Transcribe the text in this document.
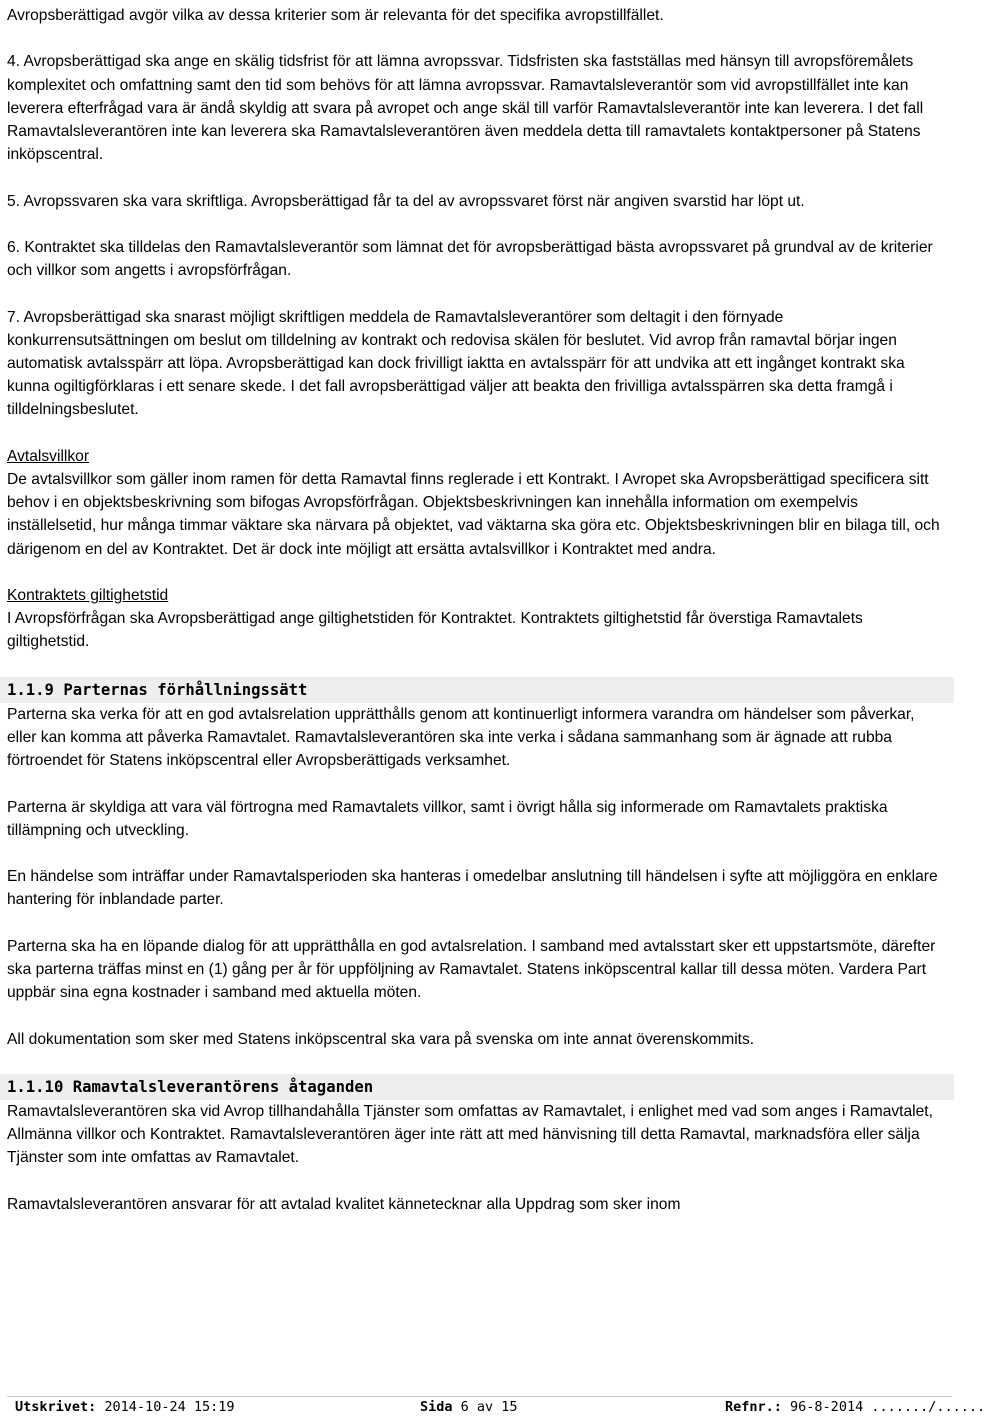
Avropsberättigad avgör vilka av dessa kriterier som är relevanta för det specifika avropstillfället.

4. Avropsberättigad ska ange en skälig tidsfrist för att lämna avropssvar. Tidsfristen ska fastställas med hänsyn till avropsföremålets komplexitet och omfattning samt den tid som behövs för att lämna avropssvar. Ramavtalsleverantör som vid avropstillfället inte kan leverera efterfrågad vara är ändå skyldig att svara på avropet och ange skäl till varför Ramavtalsleverantör inte kan leverera. I det fall Ramavtalsleverantören inte kan leverera ska Ramavtalsleverantören även meddela detta till ramavtalets kontaktpersoner på Statens inköpscentral.

5. Avropssvaren ska vara skriftliga. Avropsberättigad får ta del av avropssvaret först när angiven svarstid har löpt ut.

6. Kontraktet ska tilldelas den Ramavtalsleverantör som lämnat det för avropsberättigad bästa avropssvaret på grundval av de kriterier och villkor som angetts i avropsförfrågan.

7. Avropsberättigad ska snarast möjligt skriftligen meddela de Ramavtalsleverantörer som deltagit i den förnyade konkurrensutsättningen om beslut om tilldelning av kontrakt och redovisa skälen för beslutet. Vid avrop från ramavtal börjar ingen automatisk avtalsspärr att löpa. Avropsberättigad kan dock frivilligt iaktta en avtalsspärr för att undvika att ett ingånget kontrakt ska kunna ogiltigförklaras i ett senare skede. I det fall avropsberättigad väljer att beakta den frivilliga avtalsspärren ska detta framgå i tilldelningsbeslutet.

Avtalsvillkor

De avtalsvillkor som gäller inom ramen för detta Ramavtal finns reglerade i ett Kontrakt. I Avropet ska Avropsberättigad specificera sitt behov i en objektsbeskrivning som bifogas Avropsförfrågan. Objektsbeskrivningen kan innehålla information om exempelvis inställelsetid, hur många timmar väktare ska närvara på objektet, vad väktarna ska göra etc. Objektsbeskrivningen blir en bilaga till, och därigenom en del av Kontraktet. Det är dock inte möjligt att ersätta avtalsvillkor i Kontraktet med andra.

Kontraktets giltighetstid

I Avropsförfrågan ska Avropsberättigad ange giltighetstiden för Kontraktet. Kontraktets giltighetstid får överstiga Ramavtalets giltighetstid.

1.1.9 Parternas förhållningssätt

Parterna ska verka för att en god avtalsrelation upprätthålls genom att kontinuerligt informera varandra om händelser som påverkar, eller kan komma att påverka Ramavtalet. Ramavtalsleverantören ska inte verka i sådana sammanhang som är ägnade att rubba förtroendet för Statens inköpscentral eller Avropsberättigads verksamhet.

Parterna är skyldiga att vara väl förtrogna med Ramavtalets villkor, samt i övrigt hålla sig informerade om Ramavtalets praktiska tillämpning och utveckling.

En händelse som inträffar under Ramavtalsperioden ska hanteras i omedelbar anslutning till händelsen i syfte att möjliggöra en enklare hantering för inblandade parter.

Parterna ska ha en löpande dialog för att upprätthålla en god avtalsrelation. I samband med avtalsstart sker ett uppstartsmöte, därefter ska parterna träffas minst en (1) gång per år för uppföljning av Ramavtalet. Statens inköpscentral kallar till dessa möten. Vardera Part uppbär sina egna kostnader i samband med aktuella möten.

All dokumentation som sker med Statens inköpscentral ska vara på svenska om inte annat överenskommits.

1.1.10 Ramavtalsleverantörens åtaganden

Ramavtalsleverantören ska vid Avrop tillhandahålla Tjänster som omfattas av Ramavtalet, i enlighet med vad som anges i Ramavtalet, Allmänna villkor och Kontraktet. Ramavtalsleverantören äger inte rätt att med hänvisning till detta Ramavtal, marknadsföra eller sälja Tjänster som inte omfattas av Ramavtalet.

Ramavtalsleverantören ansvarar för att avtalad kvalitet kännetecknar alla Uppdrag som sker inom

Utskrivet: 2014-10-24 15:19	Sida 6 av 15	Refnr.: 96-8-2014 ......./......
